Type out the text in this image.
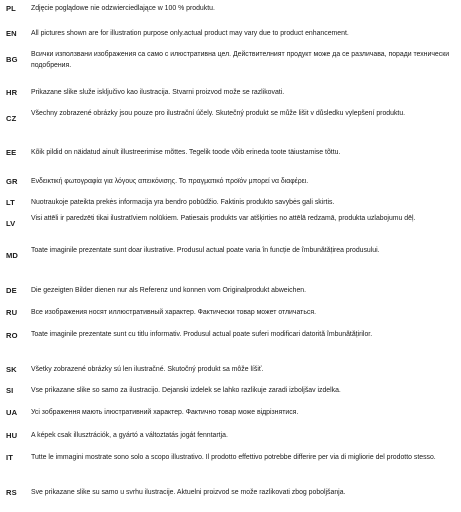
PL Zdjęcie poglądowe nie odzwierciedlające w 100 % produktu.
EN All pictures shown are for illustration purpose only.actual product may vary due to product enhancement.
BG
Всички използвани изображения са само с илюстративна цел. Действителният продукт може да се различава, поради технически подобрения.
HR Prikazane slike služe isključivo kao ilustracija. Stvarni proizvod može se razlikovati.
CZ
Všechny zobrazené obrázky jsou pouze pro ilustrační účely. Skutečný produkt se může lišit v důsledku vylepšení produktu.
EE Kõik pildid on näidatud ainult illustreerimise mõttes. Tegelik toode võib erineda toote täiustamise tõttu.
GR Ενδεικτική φωτογραφία για λόγους απεικόνισης. Το πραγματικό προϊόν μπορεί να διαφέρει.
LT Nuotraukoje pateikta prekės informacija yra bendro pobūdžio. Faktinis produkto savybės gali skirtis.
LV
Visi attēli ir paredzēti tikai ilustratīviem nolūkiem. Patiesais produkts var atšķirties no attēlā redzamā, produkta uzlabojumu dēļ.
MD
Toate imaginile prezentate sunt doar ilustrative. Produsul actual poate varia în funcție de îmbunătățirea produsului.
DE Die gezeigten Bilder dienen nur als Referenz und konnen vom Originalprodukt abweichen.
RU Все изображения носят иллюстративный характер. Фактически товар может отличаться.
RO Toate imaginile prezentate sunt cu titlu informativ. Produsul actual poate suferi modificari datorită îmbunătățirilor.
SK Všetky zobrazené obrázky sú len ilustračné. Skutočný produkt sa môže líšiť.
SI	Vse prikazane slike so samo za ilustracijo. Dejanski izdelek se lahko razlikuje zaradi izboljšav izdelka.
UA Усі зображення мають ілюстративний характер. Фактично товар може відрізнятися.
HU A képek csak illusztrációk, a gyártó a változtatás jogát fenntartja.
IT	Tutte le immagini mostrate sono solo a scopo illustrativo. Il prodotto effettivo potrebbe differire per via di migliorie del prodotto stesso.
RS Sve prikazane slike su samo u svrhu ilustracije. Aktuelni proizvod se može razlikovati zbog poboljšanja.
